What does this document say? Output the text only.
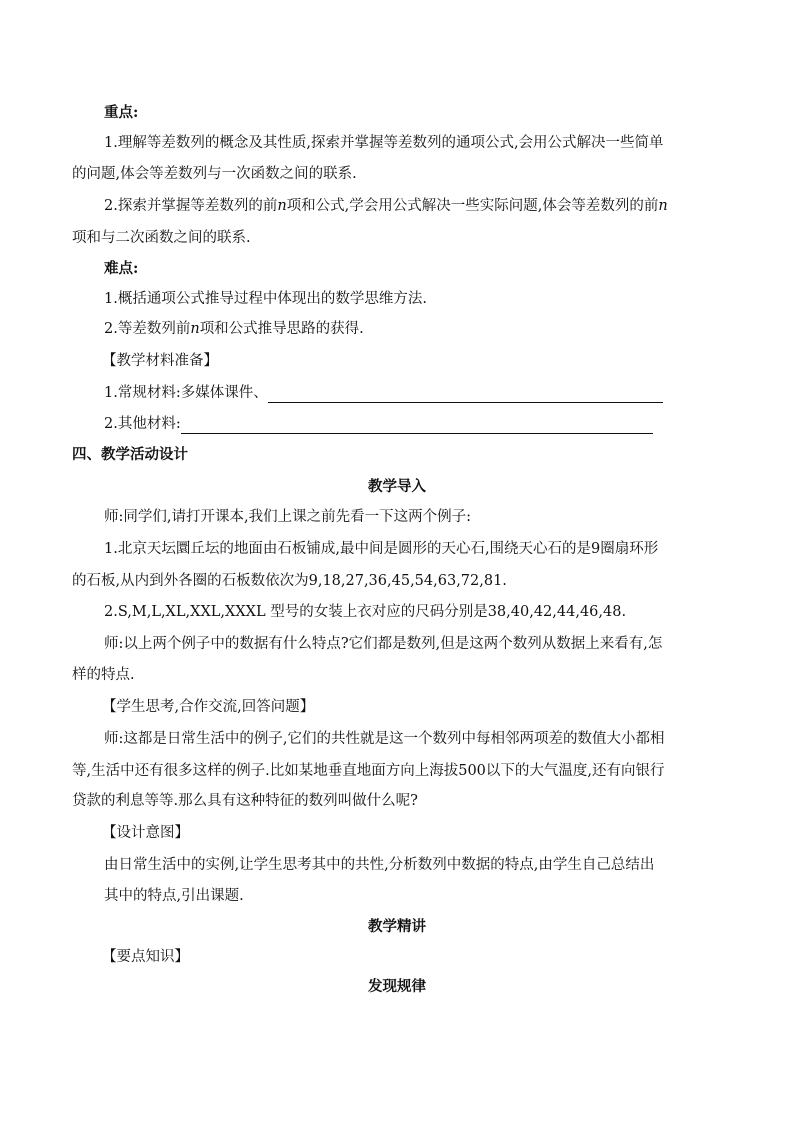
重点:
1.理解等差数列的概念及其性质,探索并掌握等差数列的通项公式,会用公式解决一些简单
的问题,体会等差数列与一次函数之间的联系.
2.探索并掌握等差数列的前n项和公式,学会用公式解决一些实际问题,体会等差数列的前n
项和与二次函数之间的联系.
难点:
1.概括通项公式推导过程中体现出的数学思维方法.
2.等差数列前n项和公式推导思路的获得.
【教学材料准备】
1.常规材料:多媒体课件、
2.其他材料:
四、教学活动设计
教学导入
师:同学们,请打开课本,我们上课之前先看一下这两个例子:
1.北京天坛圜丘坛的地面由石板铺成,最中间是圆形的天心石,围绕天心石的是9圈扇环形
的石板,从内到外各圈的石板数依次为9,18,27,36,45,54,63,72,81.
2.S,M,L,XL,XXL,XXXL 型号的女装上衣对应的尺码分别是38,40,42,44,46,48.
师:以上两个例子中的数据有什么特点?它们都是数列,但是这两个数列从数据上来看有,怎
样的特点.
【学生思考,合作交流,回答问题】
师:这都是日常生活中的例子,它们的共性就是这一个数列中每相邻两项差的数值大小都相
等,生活中还有很多这样的例子.比如某地垂直地面方向上海拔500以下的大气温度,还有向银行
贷款的利息等等.那么具有这种特征的数列叫做什么呢?
【设计意图】
由日常生活中的实例,让学生思考其中的共性,分析数列中数据的特点,由学生自己总结出
其中的特点,引出课题.
教学精讲
【要点知识】
发现规律
